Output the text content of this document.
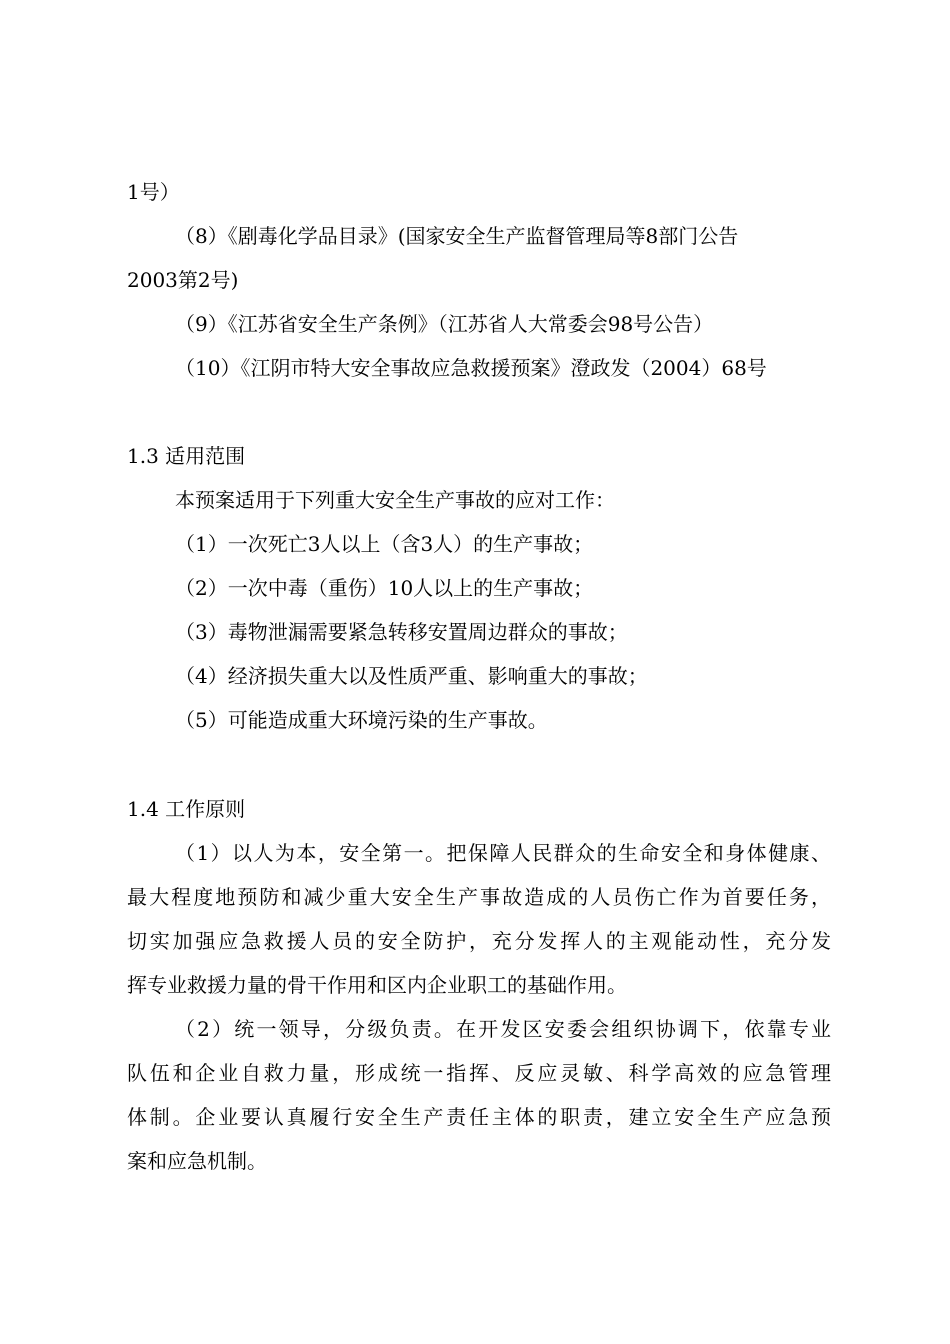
1号）
（8）《剧毒化学品目录》(国家安全生产监督管理局等8部门公告
2003第2号)
（9）《江苏省安全生产条例》（江苏省人大常委会98号公告）
（10）《江阴市特大安全事故应急救援预案》澄政发（2004）68号
1.3 适用范围
本预案适用于下列重大安全生产事故的应对工作：
（1）一次死亡3人以上（含3人）的生产事故；
（2）一次中毒（重伤）10人以上的生产事故；
（3）毒物泄漏需要紧急转移安置周边群众的事故；
（4）经济损失重大以及性质严重、影响重大的事故；
（5）可能造成重大环境污染的生产事故。
1.4 工作原则
（1）以人为本，安全第一。把保障人民群众的生命安全和身体健康、
最大程度地预防和减少重大安全生产事故造成的人员伤亡作为首要任务，
切实加强应急救援人员的安全防护，充分发挥人的主观能动性，充分发
挥专业救援力量的骨干作用和区内企业职工的基础作用。
（2）统一领导，分级负责。在开发区安委会组织协调下，依靠专业
队伍和企业自救力量，形成统一指挥、反应灵敏、科学高效的应急管理
体制。企业要认真履行安全生产责任主体的职责，建立安全生产应急预
案和应急机制。
